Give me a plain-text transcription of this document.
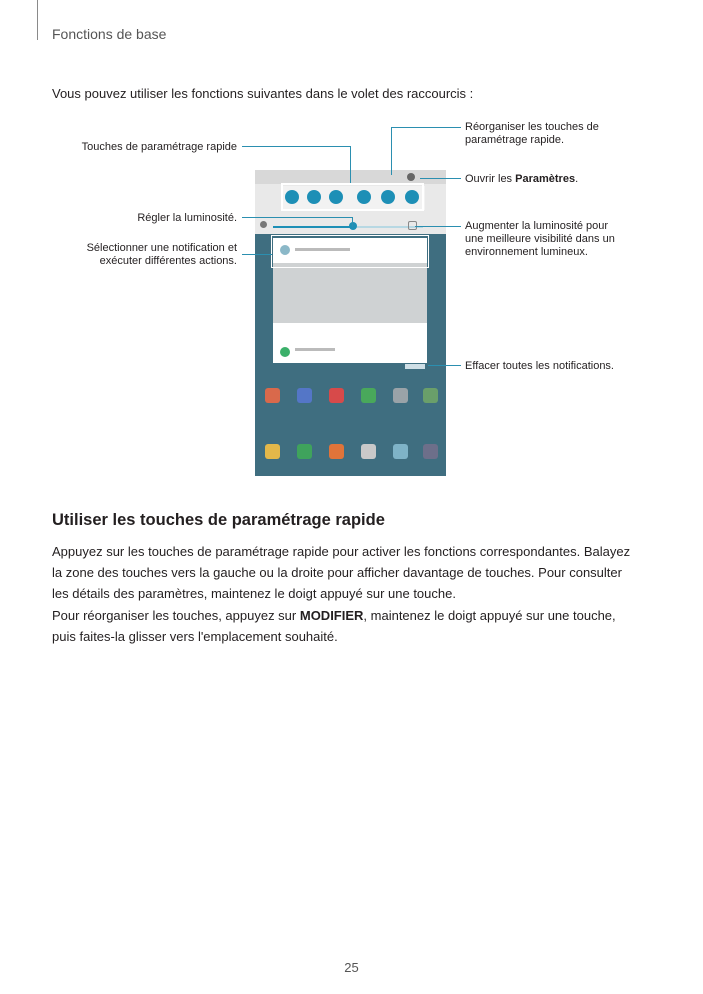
Fonctions de base
Vous pouvez utiliser les fonctions suivantes dans le volet des raccourcis :
Touches de paramétrage rapide
Régler la luminosité.
Sélectionner une notification et
exécuter différentes actions.
Réorganiser les touches de
paramétrage rapide.
Ouvrir les Paramètres.
Augmenter la luminosité pour
une meilleure visibilité dans un
environnement lumineux.
Effacer toutes les notifications.
Utiliser les touches de paramétrage rapide
Appuyez sur les touches de paramétrage rapide pour activer les fonctions correspondantes. Balayez
la zone des touches vers la gauche ou la droite pour afficher davantage de touches. Pour consulter
les détails des paramètres, maintenez le doigt appuyé sur une touche.
Pour réorganiser les touches, appuyez sur MODIFIER, maintenez le doigt appuyé sur une touche,
puis faites-la glisser vers l'emplacement souhaité.
25
